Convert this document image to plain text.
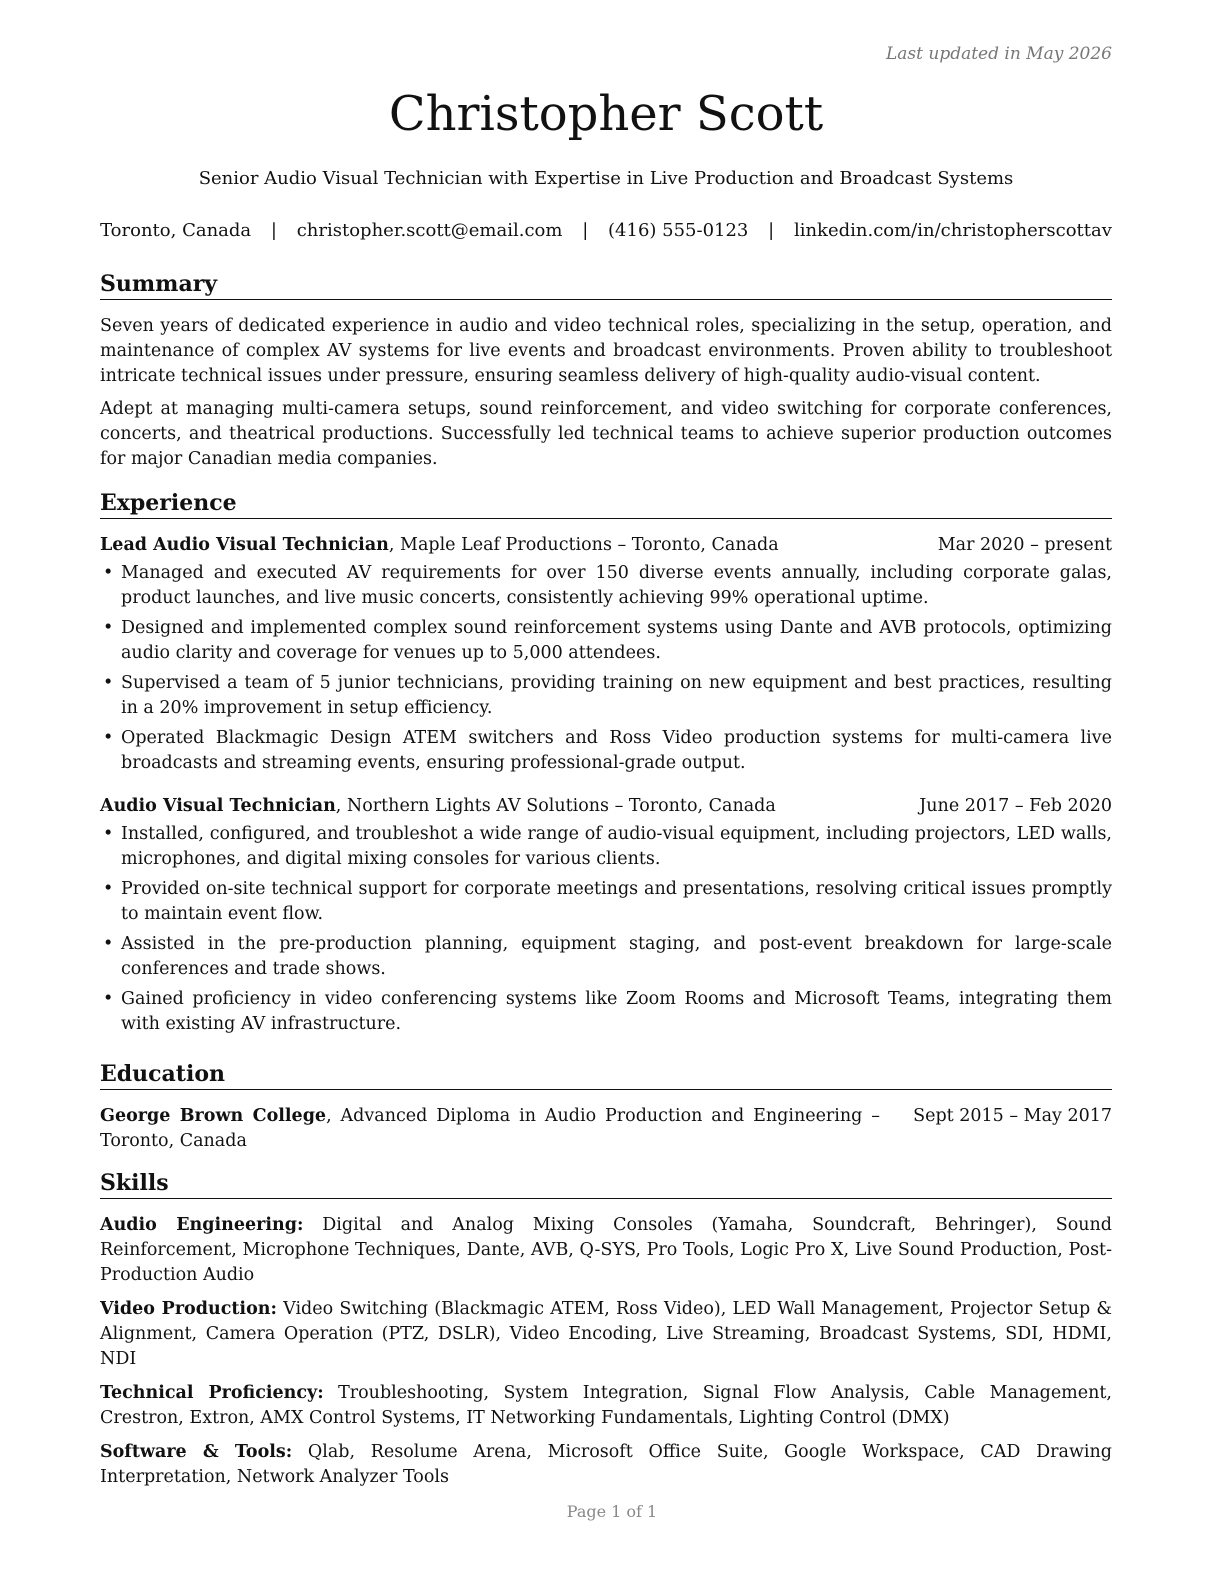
Last updated in May 2026
Christopher Scott
Senior Audio Visual Technician with Expertise in Live Production and Broadcast Systems
Toronto, Canada | christopher.scott@email.com | (416) 555-0123 | linkedin.com/in/christopherscottav
Summary

Seven years of dedicated experience in audio and video technical roles, specializing in the setup, operation, and maintenance of complex AV systems for live events and broadcast environments. Proven ability to troubleshoot intricate technical issues under pressure, ensuring seamless delivery of high-quality audio-visual content.

Adept at managing multi-camera setups, sound reinforcement, and video switching for corporate conferences, concerts, and theatrical productions. Successfully led technical teams to achieve superior production outcomes for major Canadian media companies.

Experience
Lead Audio Visual Technician, Maple Leaf Productions – Toronto, Canada	Mar 2020 – present
• Managed and executed AV requirements for over 150 diverse events annually, including corporate galas, product launches, and live music concerts, consistently achieving 99% operational uptime.
• Designed and implemented complex sound reinforcement systems using Dante and AVB protocols, optimizing audio clarity and coverage for venues up to 5,000 attendees.
• Supervised a team of 5 junior technicians, providing training on new equipment and best practices, resulting in a 20% improvement in setup efficiency.
• Operated Blackmagic Design ATEM switchers and Ross Video production systems for multi-camera live broadcasts and streaming events, ensuring professional-grade output.
Audio Visual Technician, Northern Lights AV Solutions – Toronto, Canada	June 2017 – Feb 2020
• Installed, configured, and troubleshot a wide range of audio-visual equipment, including projectors, LED walls, microphones, and digital mixing consoles for various clients.
• Provided on-site technical support for corporate meetings and presentations, resolving critical issues promptly to maintain event flow.
• Assisted in the pre-production planning, equipment staging, and post-event breakdown for large-scale conferences and trade shows.
• Gained proficiency in video conferencing systems like Zoom Rooms and Microsoft Teams, integrating them with existing AV infrastructure.
Education
George Brown College, Advanced Diploma in Audio Production and Engineering – Toronto, Canada
Sept 2015 – May 2017
Skills
Audio Engineering: Digital and Analog Mixing Consoles (Yamaha, Soundcraft, Behringer), Sound Reinforcement, Microphone Techniques, Dante, AVB, Q-SYS, Pro Tools, Logic Pro X, Live Sound Production, Post-Production Audio
Video Production: Video Switching (Blackmagic ATEM, Ross Video), LED Wall Management, Projector Setup & Alignment, Camera Operation (PTZ, DSLR), Video Encoding, Live Streaming, Broadcast Systems, SDI, HDMI, NDI
Technical Proficiency: Troubleshooting, System Integration, Signal Flow Analysis, Cable Management, Crestron, Extron, AMX Control Systems, IT Networking Fundamentals, Lighting Control (DMX)
Software & Tools: Qlab, Resolume Arena, Microsoft Office Suite, Google Workspace, CAD Drawing Interpretation, Network Analyzer Tools
Page 1 of 1
